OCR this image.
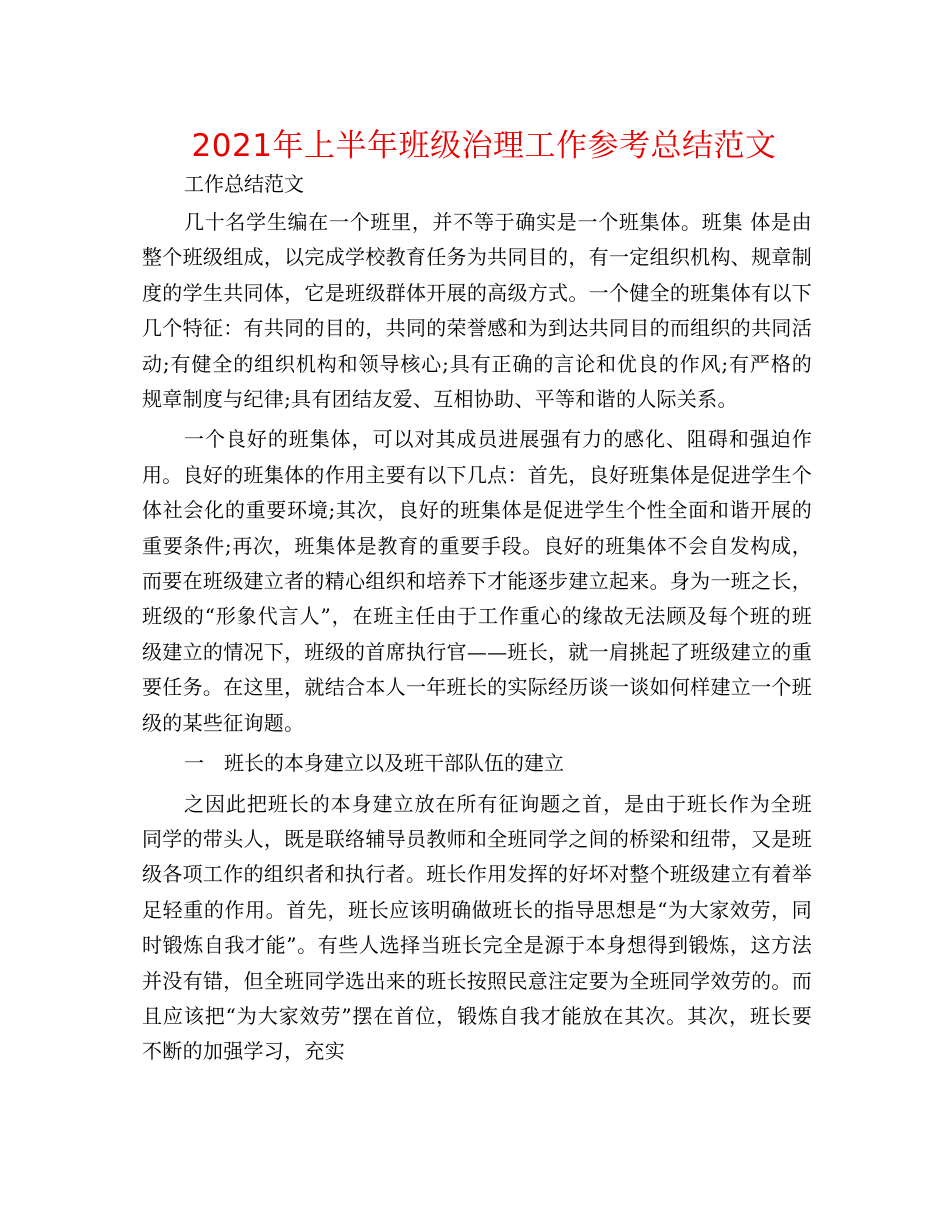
2021年上半年班级治理工作参考总结范文
工作总结范文

几十名学生编在一个班里，并不等于确实是一个班集体。班集 体是由整个班级组成，以完成学校教育任务为共同目的，有一定组织机构、规章制度的学生共同体，它是班级群体开展的高级方式。一个健全的班集体有以下几个特征：有共同的目的，共同的荣誉感和为到达共同目的而组织的共同活动;有健全的组织机构和领导核心;具有正确的言论和优良的作风;有严格的规章制度与纪律;具有团结友爱、互相协助、平等和谐的人际关系。

一个良好的班集体，可以对其成员进展强有力的感化、阻碍和强迫作用。良好的班集体的作用主要有以下几点：首先，良好班集体是促进学生个体社会化的重要环境;其次，良好的班集体是促进学生个性全面和谐开展的重要条件;再次，班集体是教育的重要手段。良好的班集体不会自发构成，而要在班级建立者的精心组织和培养下才能逐步建立起来。身为一班之长，班级的“形象代言人”，在班主任由于工作重心的缘故无法顾及每个班的班级建立的情况下，班级的首席执行官——班长，就一肩挑起了班级建立的重要任务。在这里，就结合本人一年班长的实际经历谈一谈如何样建立一个班级的某些征询题。

一　班长的本身建立以及班干部队伍的建立

之因此把班长的本身建立放在所有征询题之首，是由于班长作为全班同学的带头人，既是联络辅导员教师和全班同学之间的桥梁和纽带，又是班级各项工作的组织者和执行者。班长作用发挥的好坏对整个班级建立有着举足轻重的作用。首先，班长应该明确做班长的指导思想是“为大家效劳，同时锻炼自我才能”。有些人选择当班长完全是源于本身想得到锻炼，这方法并没有错，但全班同学选出来的班长按照民意注定要为全班同学效劳的。而且应该把“为大家效劳”摆在首位，锻炼自我才能放在其次。其次，班长要不断的加强学习，充实
